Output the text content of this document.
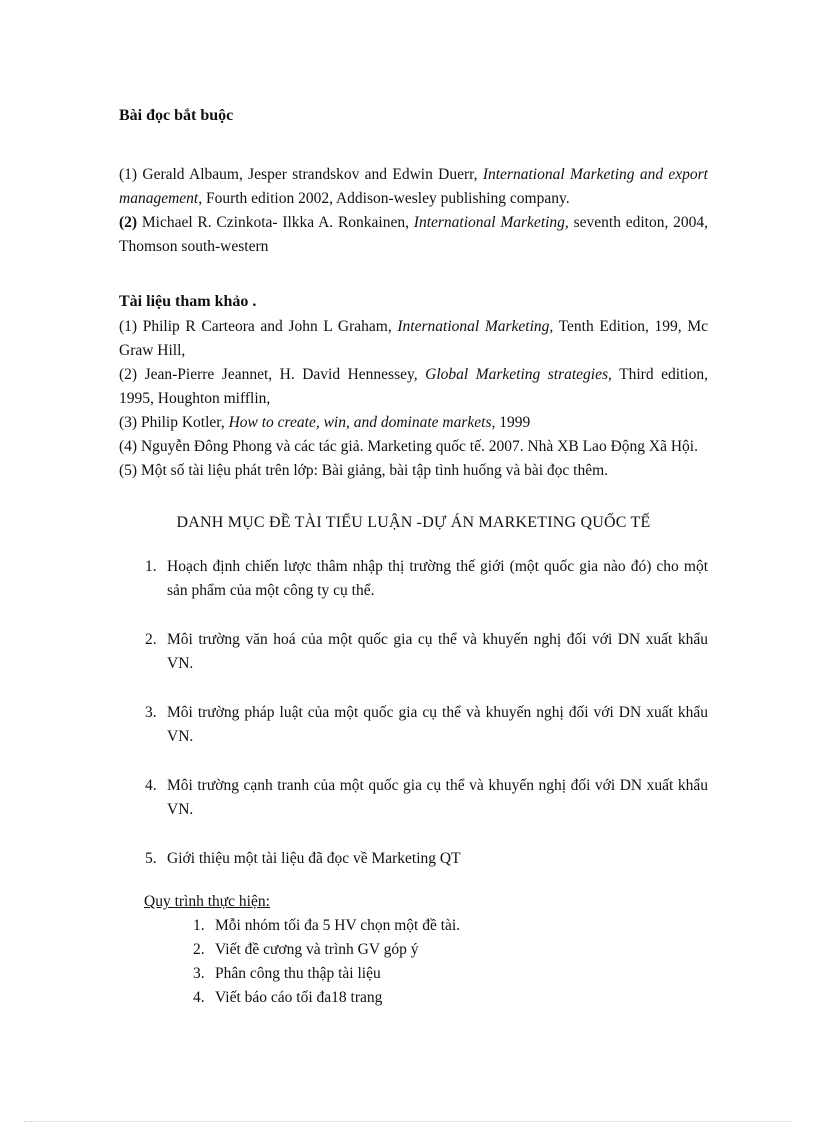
Bài đọc bắt buộc

(1) Gerald Albaum, Jesper strandskov and Edwin Duerr, International Marketing and export management, Fourth edition 2002, Addison-wesley publishing company.

(2) Michael R. Czinkota- Ilkka A. Ronkainen, International Marketing, seventh editon, 2004, Thomson south-western

Tài liệu tham khảo .

(1) Philip R Carteora and John L Graham, International Marketing, Tenth Edition, 199, Mc Graw Hill,

(2) Jean-Pierre Jeannet, H. David Hennessey, Global Marketing strategies, Third edition, 1995, Houghton mifflin,

(3) Philip Kotler, How to create, win, and dominate markets, 1999

(4) Nguyễn Đông Phong và các tác giả. Marketing quốc tế. 2007. Nhà XB Lao Động Xã Hội.

(5) Một số tài liệu phát trên lớp: Bài giảng, bài tập tình huống và bài đọc thêm.

DANH MỤC ĐỀ TÀI TIỂU LUẬN -DỰ ÁN MARKETING QUỐC TẾ
1. Hoạch định chiến lược thâm nhập thị trường thế giới (một quốc gia nào đó) cho một sản phẩm của một công ty cụ thể.
2. Môi trường văn hoá của một quốc gia cụ thể và khuyến nghị đối với DN xuất khẩu VN.
3. Môi trường pháp luật của một quốc gia cụ thể và khuyến nghị đối với DN xuất khẩu VN.
4. Môi trường cạnh tranh của một quốc gia cụ thể và khuyến nghị đối với DN xuất khẩu VN.
5. Giới thiệu một tài liệu đã đọc về Marketing QT
Quy trình thực hiện:
1. Mỗi nhóm tối đa 5 HV chọn một đề tài.
2. Viết đề cương và trình GV góp ý
3. Phân công thu thập tài liệu
4. Viết báo cáo tối đa18 trang
